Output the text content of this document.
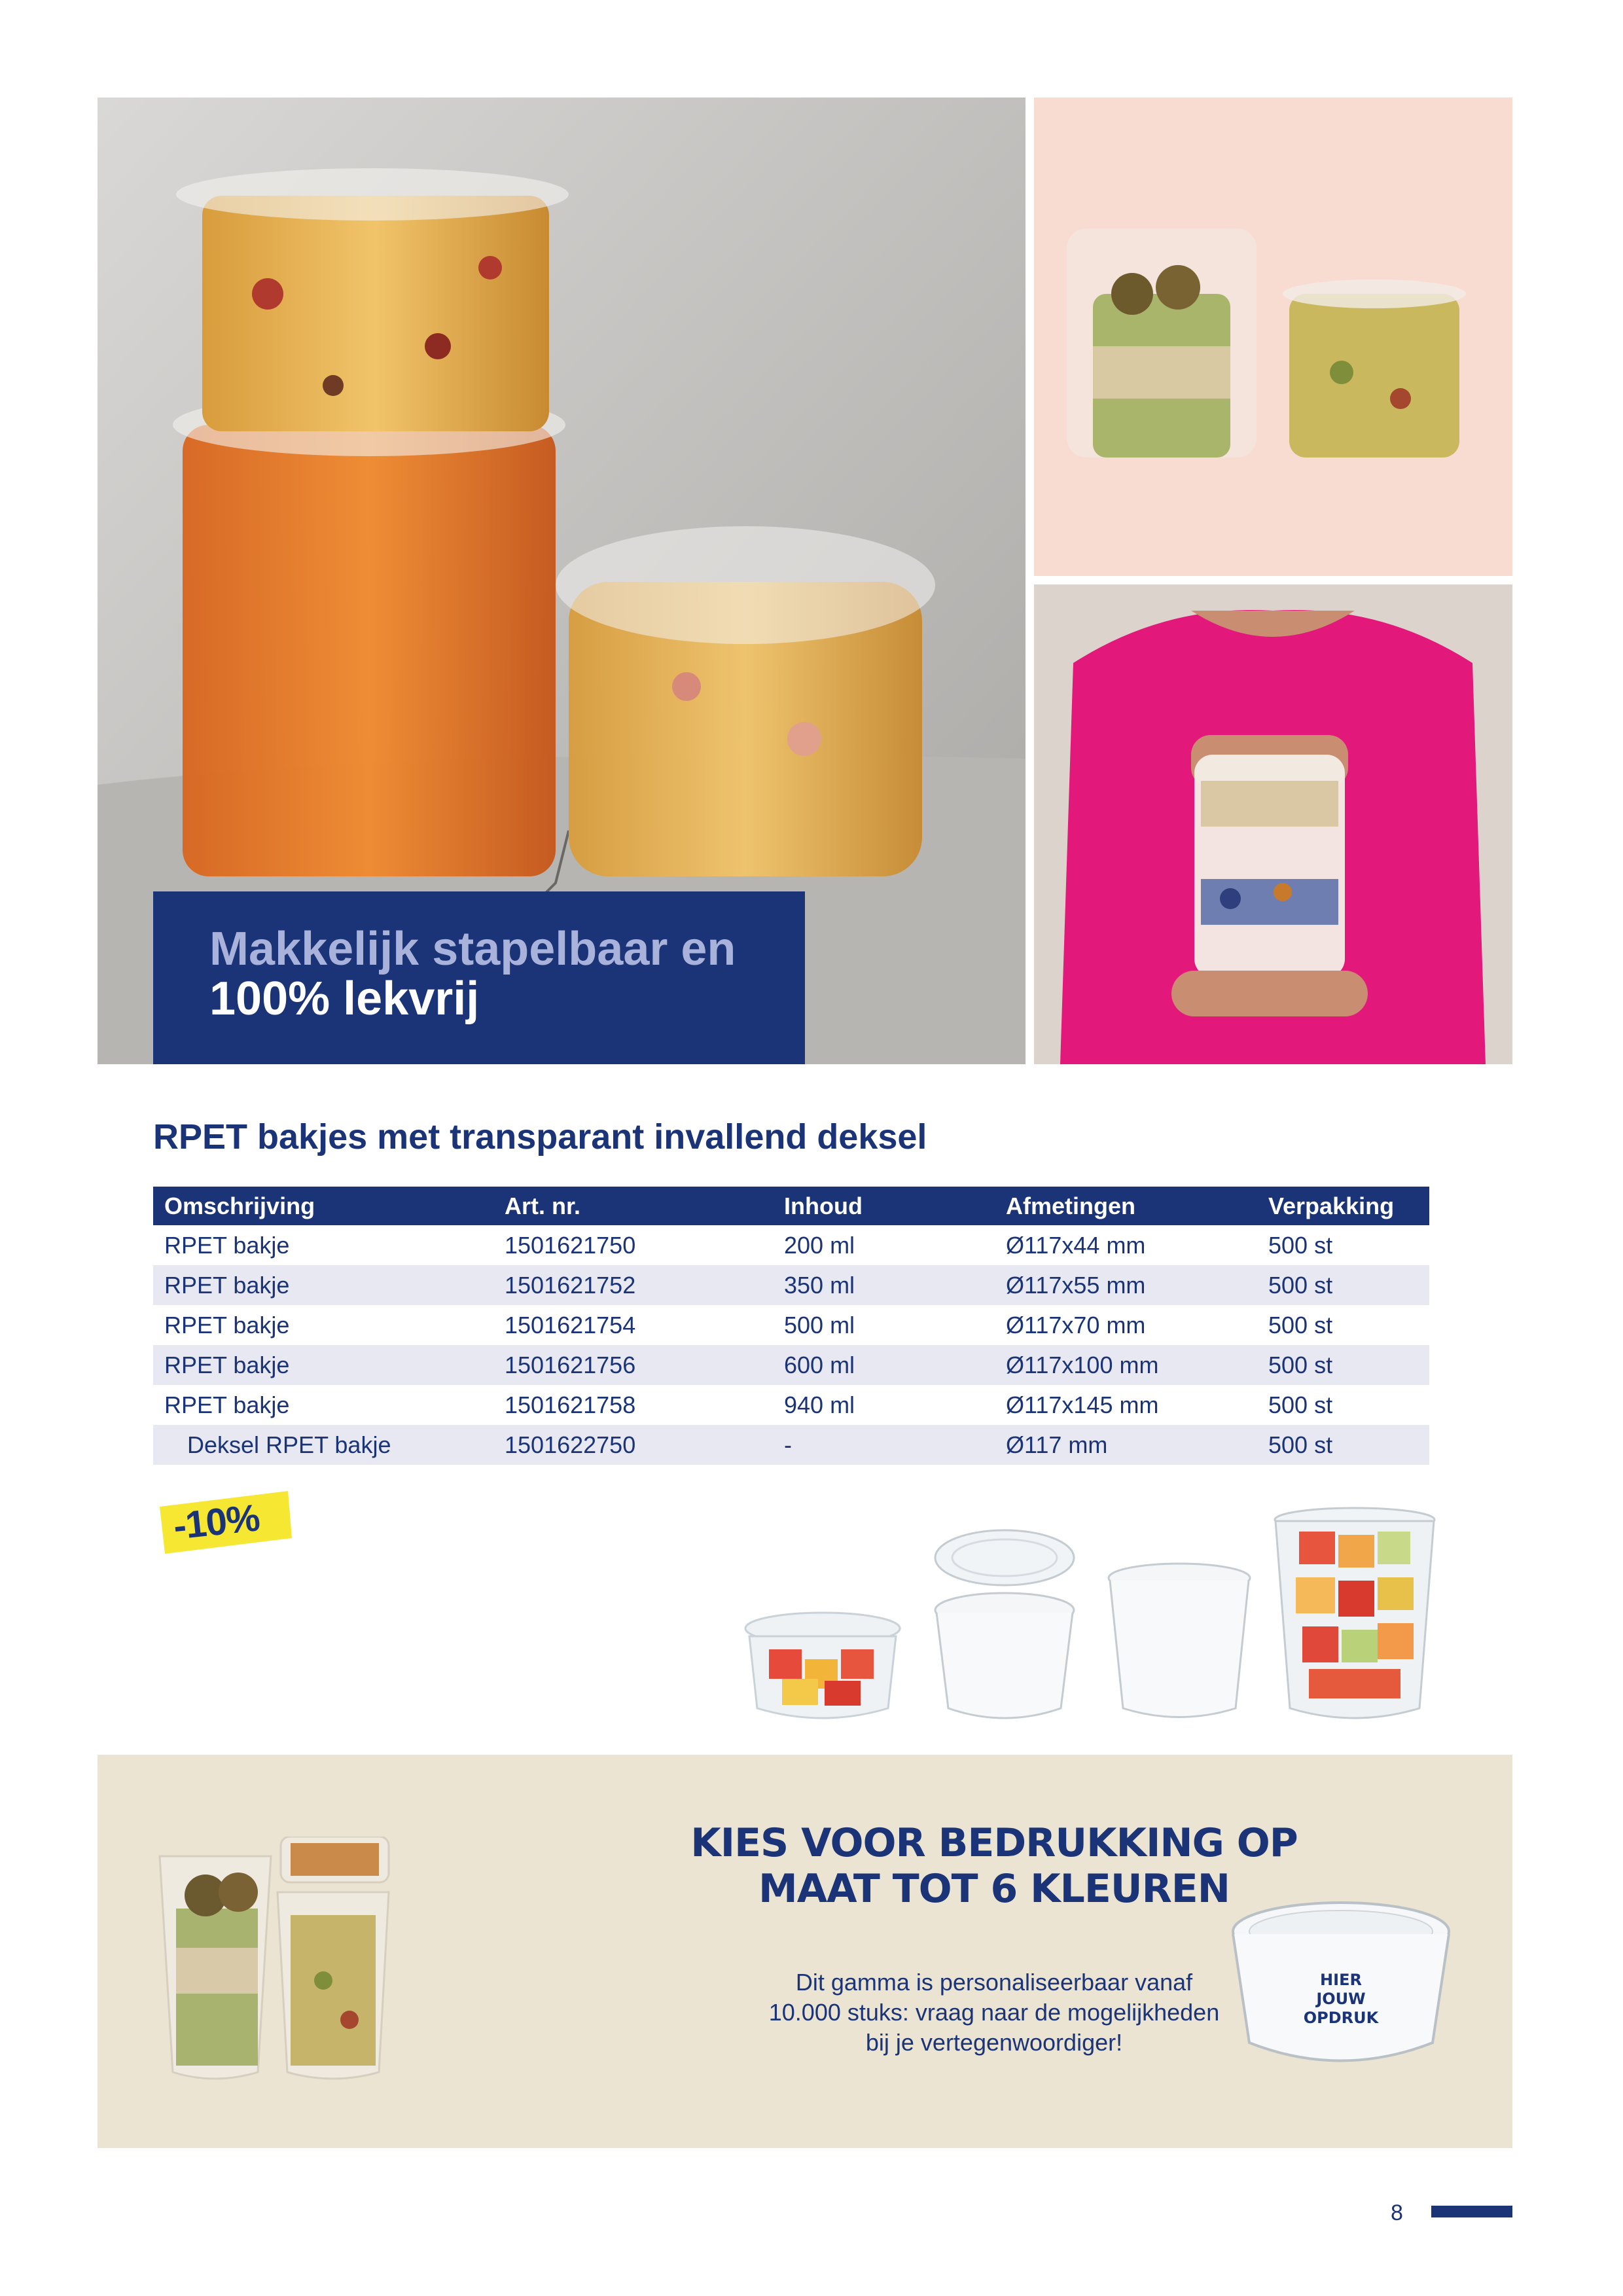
Makkelijk stapelbaar en
100% lekvrij
RPET bakjes met transparant invallend deksel
Omschrijving	Art. nr.	Inhoud	Afmetingen	Verpakking
RPET bakje	1501621750	200 ml	Ø117x44 mm	500 st
RPET bakje	1501621752	350 ml	Ø117x55 mm	500 st
RPET bakje	1501621754	500 ml	Ø117x70 mm	500 st
RPET bakje	1501621756	600 ml	Ø117x100 mm	500 st
RPET bakje	1501621758	940 ml	Ø117x145 mm	500 st
Deksel RPET bakje	1501622750	-	Ø117 mm	500 st
-10%
KIES VOOR BEDRUKKING OP
MAAT TOT 6 KLEUREN
Dit gamma is personaliseerbaar vanaf
10.000 stuks: vraag naar de mogelijkheden
bij je vertegenwoordiger!
HIER
JOUW
OPDRUK
8
